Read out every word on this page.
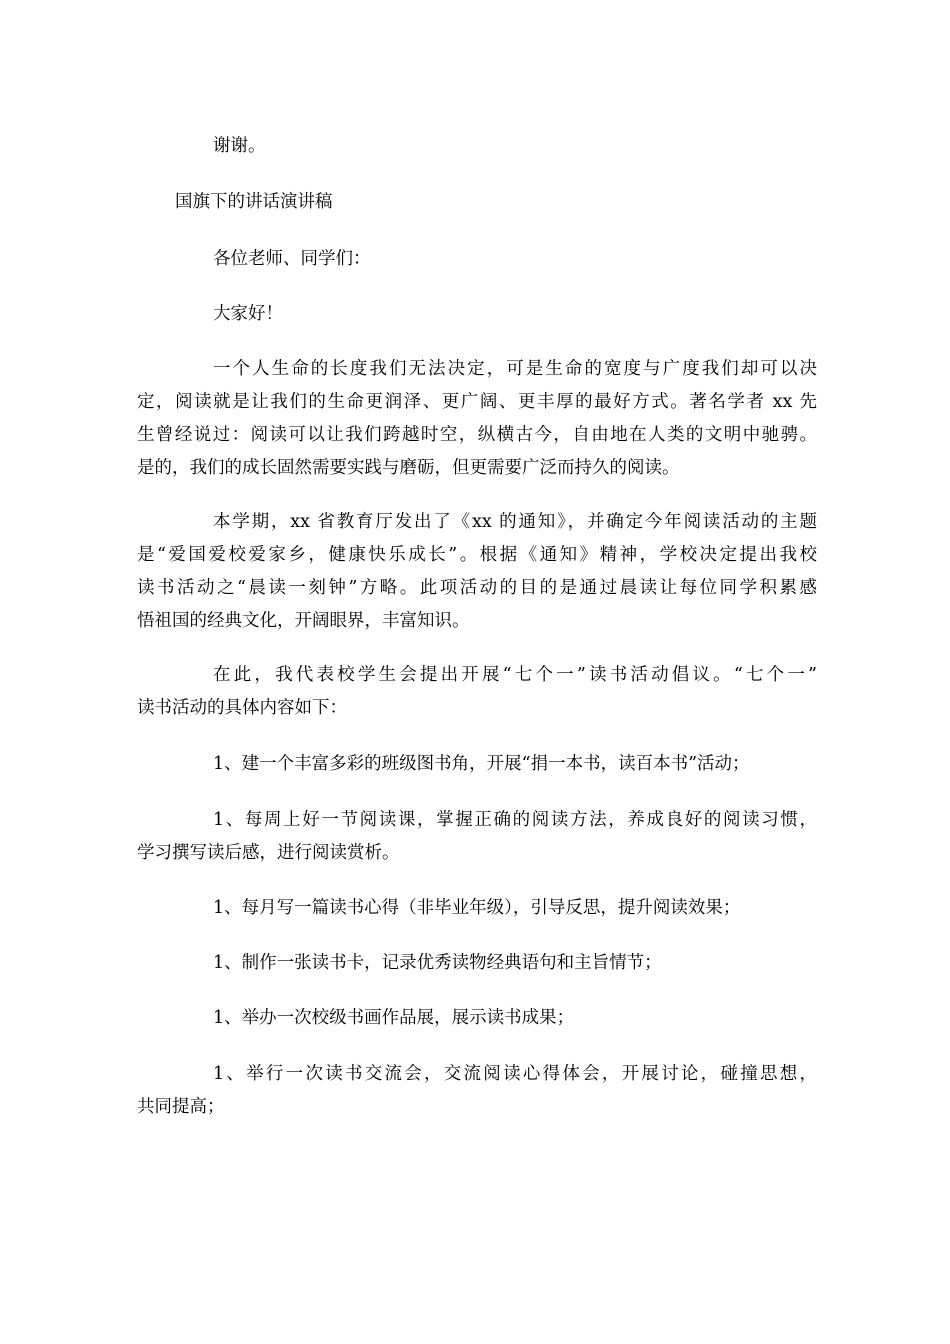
谢谢。
国旗下的讲话演讲稿
各位老师、同学们：
大家好！
一个人生命的长度我们无法决定，可是生命的宽度与广度我们却可以决
定，阅读就是让我们的生命更润泽、更广阔、更丰厚的最好方式。著名学者 xx 先
生曾经说过：阅读可以让我们跨越时空，纵横古今，自由地在人类的文明中驰骋。
是的，我们的成长固然需要实践与磨砺，但更需要广泛而持久的阅读。
本学期，xx 省教育厅发出了《xx 的通知》，并确定今年阅读活动的主题
是“爱国爱校爱家乡，健康快乐成长”。根据《通知》精神，学校决定提出我校
读书活动之“晨读一刻钟”方略。此项活动的目的是通过晨读让每位同学积累感
悟祖国的经典文化，开阔眼界，丰富知识。
在此，我代表校学生会提出开展“七个一”读书活动倡议。“七个一”
读书活动的具体内容如下：
1、建一个丰富多彩的班级图书角，开展“捐一本书，读百本书”活动；
1、每周上好一节阅读课，掌握正确的阅读方法，养成良好的阅读习惯，
学习撰写读后感，进行阅读赏析。
1、每月写一篇读书心得（非毕业年级），引导反思，提升阅读效果；
1、制作一张读书卡，记录优秀读物经典语句和主旨情节；
1、举办一次校级书画作品展，展示读书成果；
1、举行一次读书交流会，交流阅读心得体会，开展讨论，碰撞思想，
共同提高；
